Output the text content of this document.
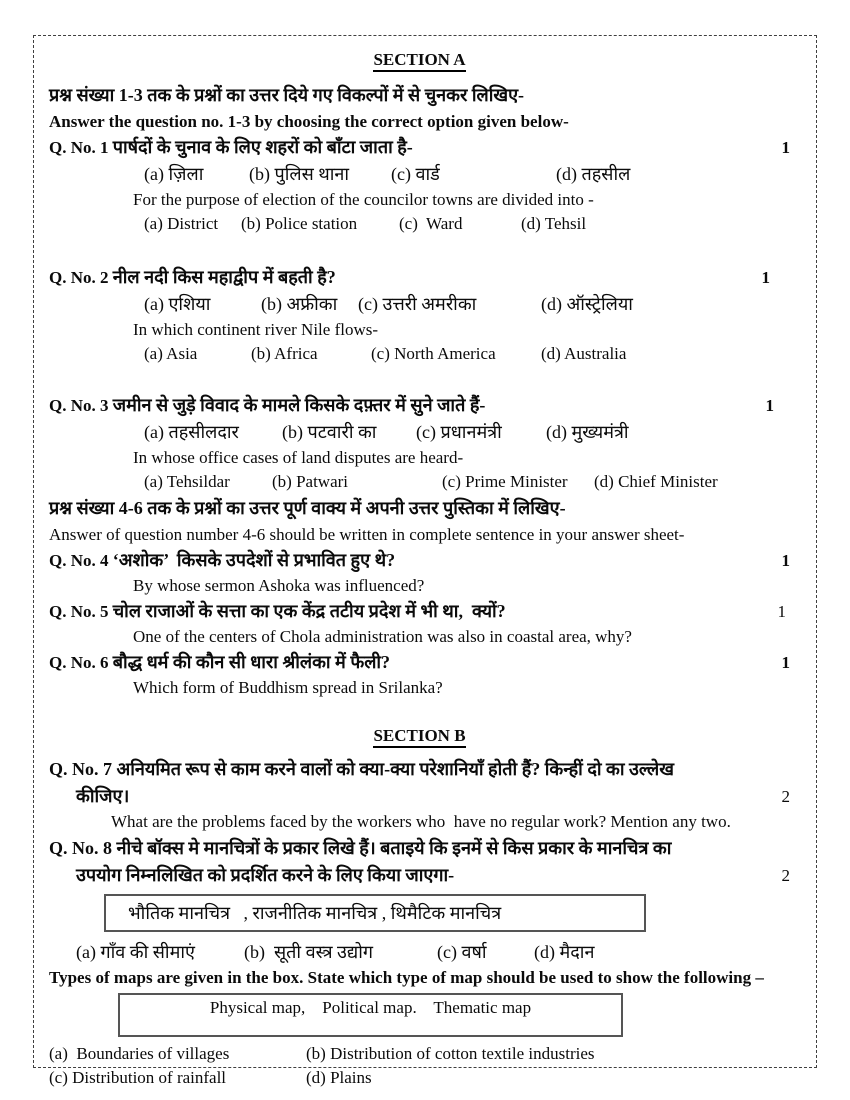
SECTION A
प्रश्न संख्या 1-3 तक के प्रश्नों का उत्तर दिये गए विकल्पों में से चुनकर लिखिए-
Answer the question no. 1-3 by choosing the correct option given below-
Q. No. 1 पार्षदों के चुनाव के लिए शहरों को बाँटा जाता है-	1
(a) ज़िला	(b) पुलिस थाना (c) वार्ड	(d) तहसील
For the purpose of election of the councilor towns are divided into -
(a) District (b) Police station (c)  Ward	(d) Tehsil
Q. No. 2 नील नदी किस महाद्वीप में बहती है?	1
(a) एशिया	(b) अफ्रीका (c) उत्तरी अमरीका	(d) ऑस्ट्रेलिया
In which continent river Nile flows-
(a) Asia	(b) Africa	(c) North America	(d) Australia
Q. No. 3 जमीन से जुड़े विवाद के मामले किसके दफ़्तर में सुने जाते हैं-	1
(a) तहसीलदार (b) पटवारी का (c) प्रधानमंत्री (d) मुख्यमंत्री
In whose office cases of land disputes are heard-
(a) Tehsildar (b) Patwari	(c) Prime Minister (d) Chief Minister
प्रश्न संख्या 4-6 तक के प्रश्नों का उत्तर पूर्ण वाक्य में अपनी उत्तर पुस्तिका में लिखिए-
Answer of question number 4-6 should be written in complete sentence in your answer sheet-
Q. No. 4 ‘अशोक’  किसके उपदेशों से प्रभावित हुए थे?	1
By whose sermon Ashoka was influenced?
Q. No. 5 चोल राजाओं के सत्ता का एक केंद्र तटीय प्रदेश में भी था,  क्यों?	1
One of the centers of Chola administration was also in coastal area, why?
Q. No. 6 बौद्ध धर्म की कौन सी धारा श्रीलंका में फैली?	1
Which form of Buddhism spread in Srilanka?
SECTION B
Q. No. 7 अनियमित रूप से काम करने वालों को क्या-क्या परेशानियाँ होती हैं? किन्हीं दो का उल्लेख
कीजिए।	2
What are the problems faced by the workers who  have no regular work? Mention any two.
Q. No. 8 नीचे बॉक्स मे मानचित्रों के प्रकार लिखे हैं। बताइये कि इनमें से किस प्रकार के मानचित्र का
उपयोग निम्नलिखित को प्रदर्शित करने के लिए किया जाएगा-	2
भौतिक मानचित्र   , राजनीतिक मानचित्र , थिमैटिक मानचित्र
(a) गाँव की सीमाएं	(b)  सूती वस्त्र उद्योग	(c) वर्षा	(d) मैदान
Types of maps are given in the box. State which type of map should be used to show the following –
Physical map,    Political map.    Thematic map
(a)  Boundaries of villages	(b) Distribution of cotton textile industries
(c) Distribution of rainfall	(d) Plains
